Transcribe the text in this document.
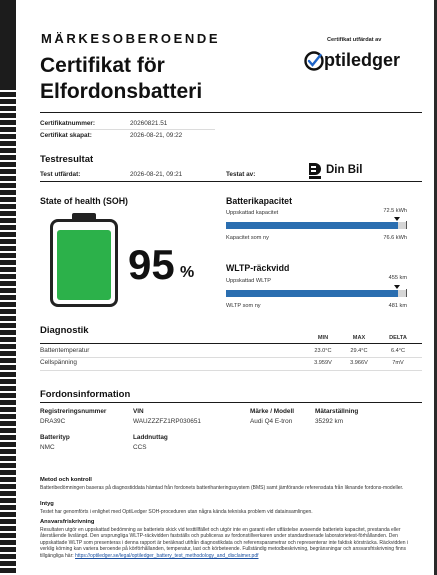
MÄRKESOBEROENDE
Certifikat för
Elfordonsbatteri
Certifikat utfärdat av
ptiledger
Certifikatnummer:	20260821.51
Certifikat skapat:	2026-08-21, 09:22
Testresultat
Test utfärdat:	2026-08-21, 09:21	Testat av:	Din Bil
State of health (SOH)
95 %
Batterikapacitet
Uppskattad kapacitet	72.5 kWh
Kapacitet som ny	76.6 kWh
WLTP-räckvidd
Uppskattad WLTP	455 km
WLTP som ny	481 km
Diagnostik
MIN	MAX	DELTA
Battentemperatur	23.0°C	29.4°C	6.4°C
Cellspänning	3.959V	3.966V	7mV
Fordonsinformation
Registreringsnummer
DRA39C
VIN
WAUZZZFZ1RP030651
Märke / Modell
Audi Q4 E-tron
Mätarställning
35292 km
Batterityp
NMC
Laddnuttag
CCS
Metod och kontroll
Batteribedömningen baseras på diagnostiddata hämtad från fordonets batterihanteringssystem (BMS) samt jämförande referensdata från liknande fordons-modeller.
Intyg
Testet har genomförts i enlighet med OptiLedger SOH-proceduren utan några kända tekniska problem vid datainsamlingen.
Ansvarsfriskrivning
Resultaten utgör en uppskattad bedömning av batteriets skick vid testtillfället och utgör inte en garanti eller utfästelse avseende batteriets kapacitet, prestanda eller återstående livslängd. Den ursprungliga WLTP-räckvidden fastställs och publiceras av fordonstillverkaren under standardiserade laboratorietest-förhållanden. Den uppskattade WLTP som presenteras i denna rapport är beräknad utifrån diagnostikdata och referensparametrar och representerar inte faktisk körsträcka. Räckvidden i verklig körning kan variera beroende på körförhållanden, temperatur, last och körbeteende. Fullständig metodbeskrivning, begränsningar och ansvarsfriskrivning finns tillgängliga här: https://optiledger.se/legal/optiledger_battery_test_methodology_and_disclaimer.pdf
